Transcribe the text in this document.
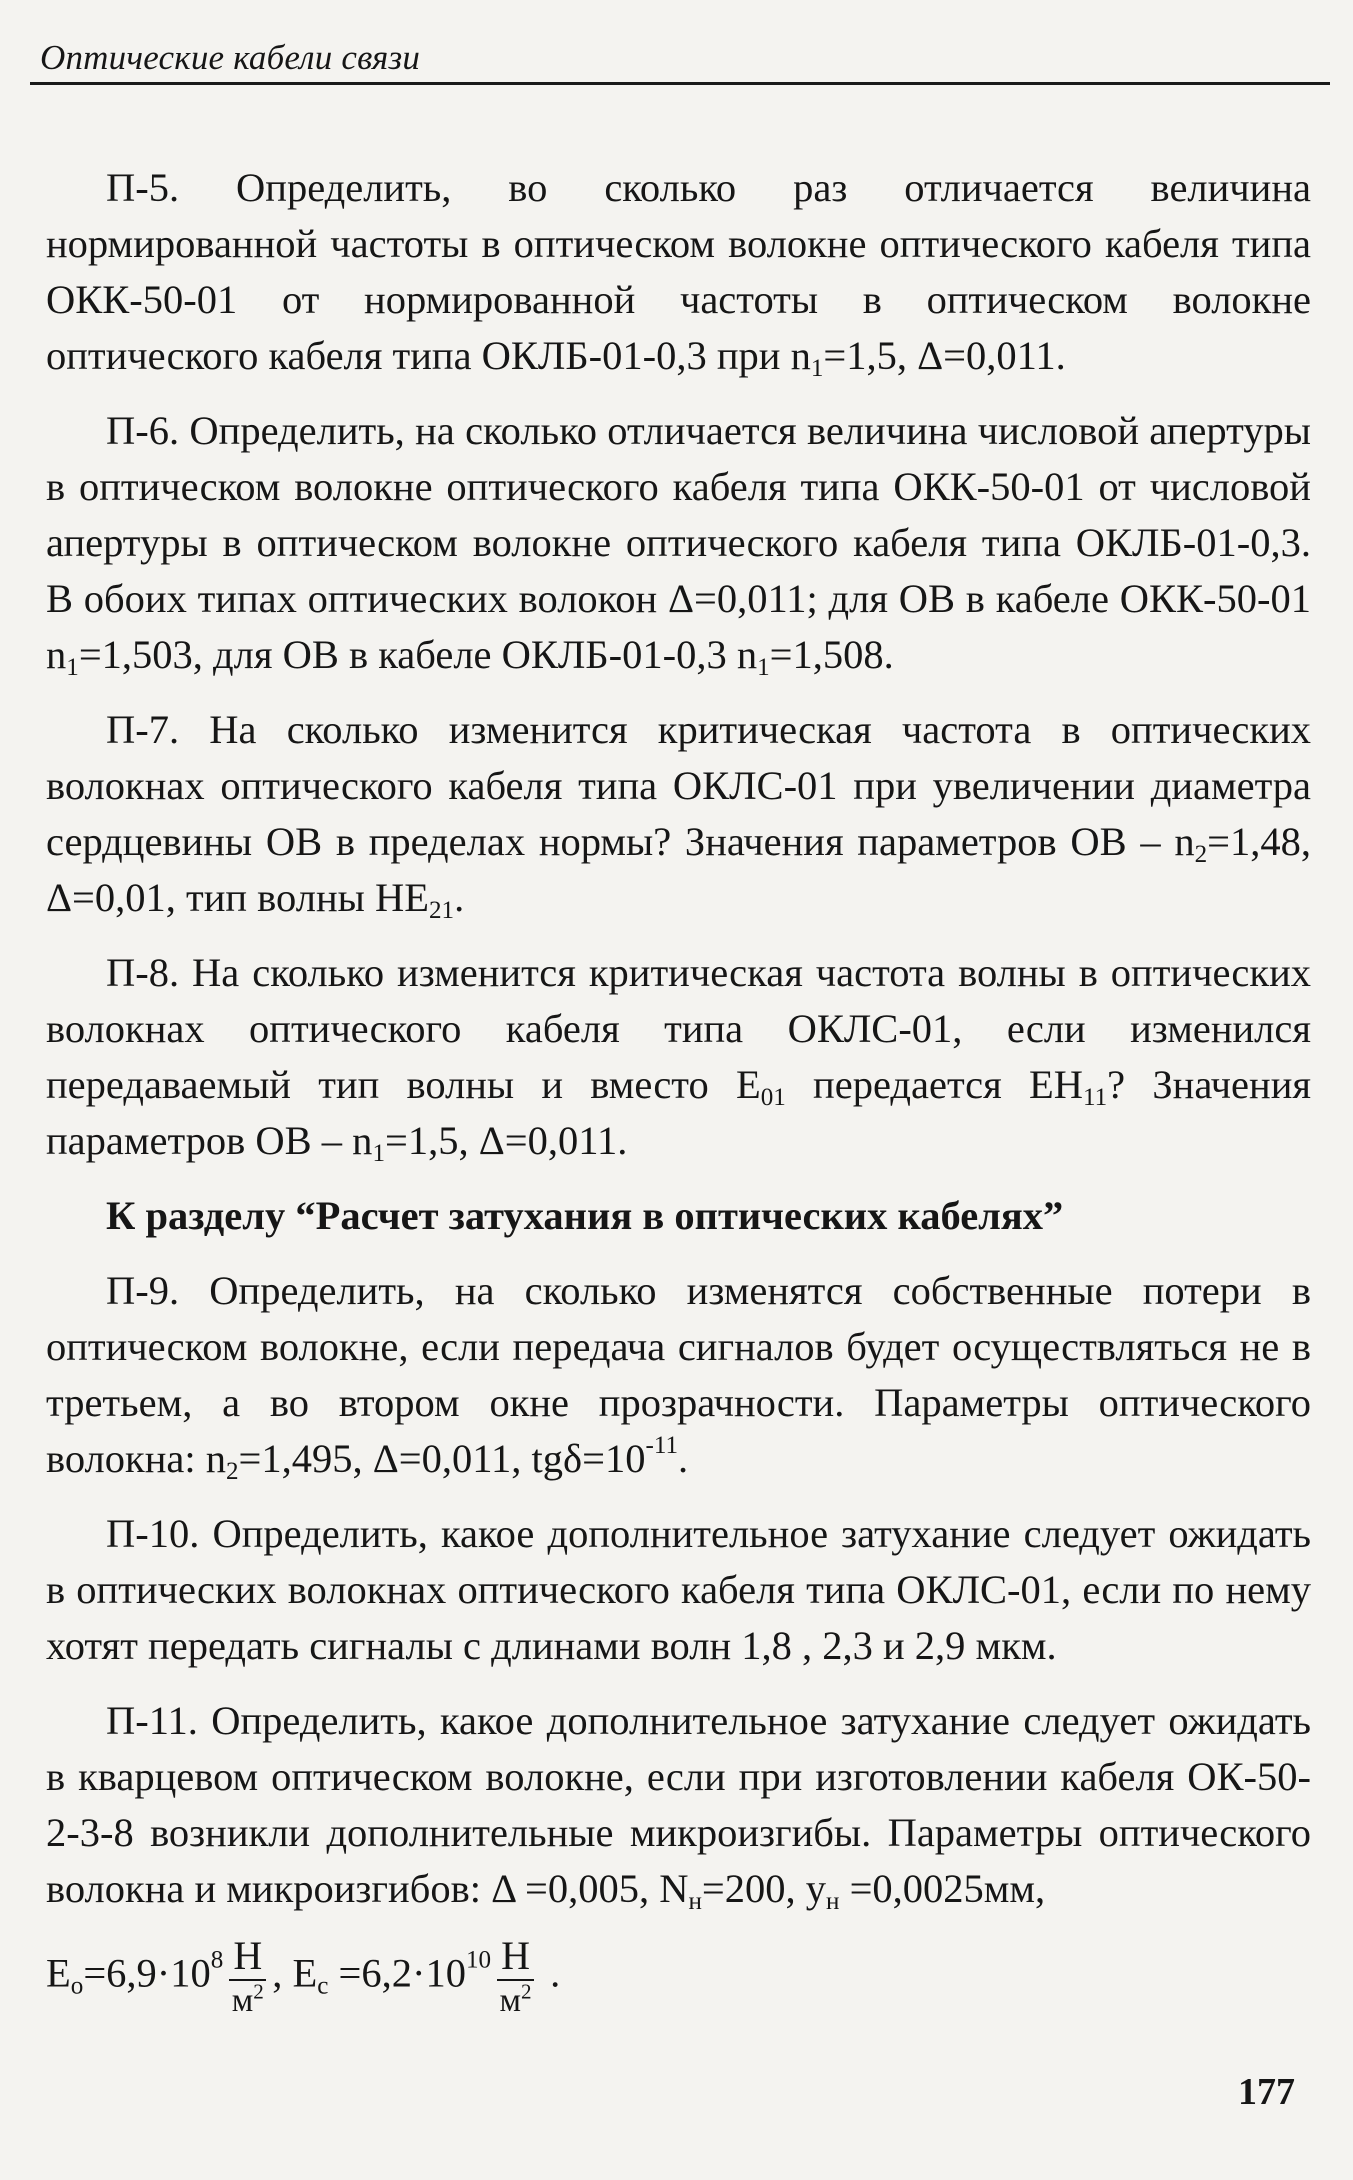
Оптические кабели связи

П-5. Определить, во сколько раз отличается величина нормированной частоты в оптическом волокне оптического кабеля типа ОКК-50-01 от нормированной частоты в оптическом волокне оптического кабеля типа ОКЛБ-01-0,3 при $n_1=1,5$, Δ=0,011.

П-6. Определить, на сколько отличается величина числовой апертуры в оптическом волокне оптического кабеля типа ОКК-50-01 от числовой апертуры в оптическом волокне оптического кабеля типа ОКЛБ-01-0,3. В обоих типах оптических волокон Δ=0,011; для ОВ в кабеле ОКК-50-01 $n_1=1,503$, для ОВ в кабеле ОКЛБ-01-0,3 $n_1=1,508$.

П-7. На сколько изменится критическая частота в оптических волокнах оптического кабеля типа ОКЛС-01 при увеличении диаметра сердцевины ОВ в пределах нормы? Значения параметров ОВ – $n_2=1,48$, Δ=0,01, тип волны $НЕ_{21}$.

П-8. На сколько изменится критическая частота волны в оптических волокнах оптического кабеля типа ОКЛС-01, если изменился передаваемый тип волны и вместо $Е_{01}$ передается $ЕН_{11}$? Значения параметров ОВ – $n_1=1,5$, Δ=0,011.

К разделу “Расчет затухания в оптических кабелях”

П-9. Определить, на сколько изменятся собственные потери в оптическом волокне, если передача сигналов будет осуществляться не в третьем, а во втором окне прозрачности. Параметры оптического волокна: $n_2=1,495$, Δ=0,011, $tg\delta=10^{-11}$.

П-10. Определить, какое дополнительное затухание следует ожидать в оптических волокнах оптического кабеля типа ОКЛС-01, если по нему хотят передать сигналы с длинами волн 1,8 , 2,3 и 2,9 мкм.

П-11. Определить, какое дополнительное затухание следует ожидать в кварцевом оптическом волокне, если при изготовлении кабеля ОК-50-2-3-8 возникли дополнительные микроизгибы. Параметры оптического волокна и микроизгибов: Δ =0,005, $N_н=200$, $y_н =0,0025мм$,

$E_o=6,9\cdot 10^8 \frac{Н}{м^2}$ , $E_c =6,2\cdot 10^{10} \frac{Н}{м^2}$ .

177
